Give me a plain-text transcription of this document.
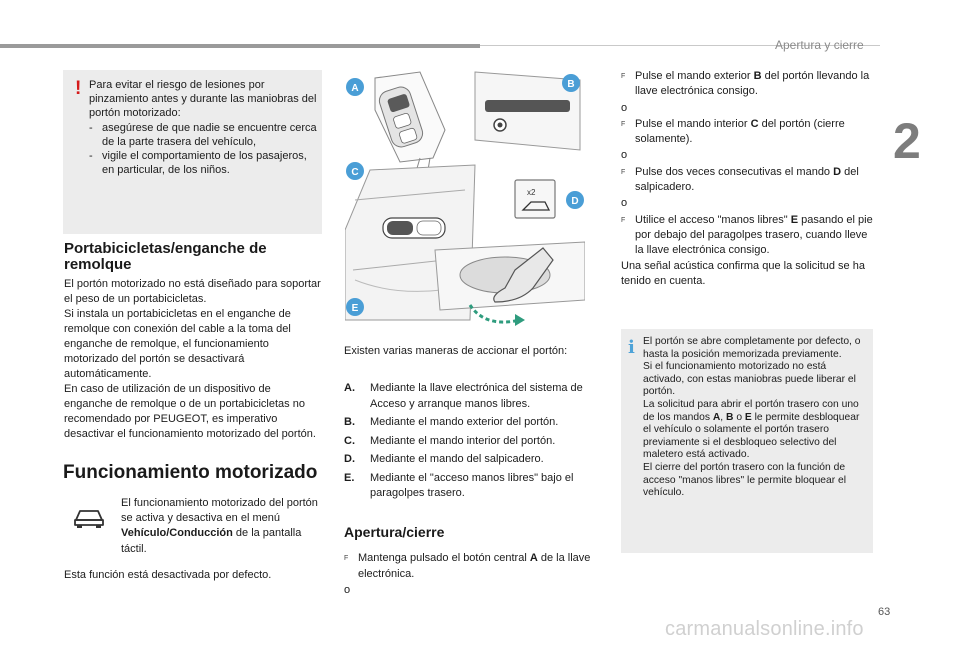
Apertura y cierre
2
! Para evitar el riesgo de lesiones por pinzamiento antes y durante las maniobras del portón motorizado:
- asegúrese de que nadie se encuentre cerca de la parte trasera del vehículo,
- vigile el comportamiento de los pasajeros, en particular, de los niños.
Portabicicletas/enganche de remolque
El portón motorizado no está diseñado para soportar el peso de un portabicicletas.
Si instala un portabicicletas en el enganche de remolque con conexión del cable a la toma del enganche de remolque, el funcionamiento motorizado del portón se desactivará automáticamente.
En caso de utilización de un dispositivo de enganche de remolque o de un portabicicletas no recomendado por PEUGEOT, es imperativo desactivar el funcionamiento motorizado del portón.
Funcionamiento motorizado
El funcionamiento motorizado del portón se activa y desactiva en el menú Vehículo/Conducción de la pantalla táctil.
Esta función está desactivada por defecto.
x2
A	B
C
D
E
Existen varias maneras de accionar el portón:
A.	Mediante la llave electrónica del sistema de Acceso y arranque manos libres.
B.	Mediante el mando exterior del portón.
C.	Mediante el mando interior del portón.
D.	Mediante el mando del salpicadero.
E.	Mediante el "acceso manos libres" bajo el paragolpes trasero.
Apertura/cierre
F Mantenga pulsado el botón central A de la llave electrónica.
o
F Pulse el mando exterior B del portón llevando la llave electrónica consigo.
o
F Pulse el mando interior C del portón (cierre solamente).
o
F Pulse dos veces consecutivas el mando D del salpicadero.
o
F Utilice el acceso "manos libres" E pasando el pie por debajo del paragolpes trasero, cuando lleve la llave electrónica consigo.
Una señal acústica confirma que la solicitud se ha tenido en cuenta.
i El portón se abre completamente por defecto, o hasta la posición memorizada previamente.
Si el funcionamiento motorizado no está activado, con estas maniobras puede liberar el portón.
La solicitud para abrir el portón trasero con uno de los mandos A, B o E le permite desbloquear el vehículo o solamente el portón trasero previamente si el desbloqueo selectivo del maletero está activado.
El cierre del portón trasero con la función de acceso "manos libres" le permite bloquear el vehículo.
63
carmanualsonline.info
